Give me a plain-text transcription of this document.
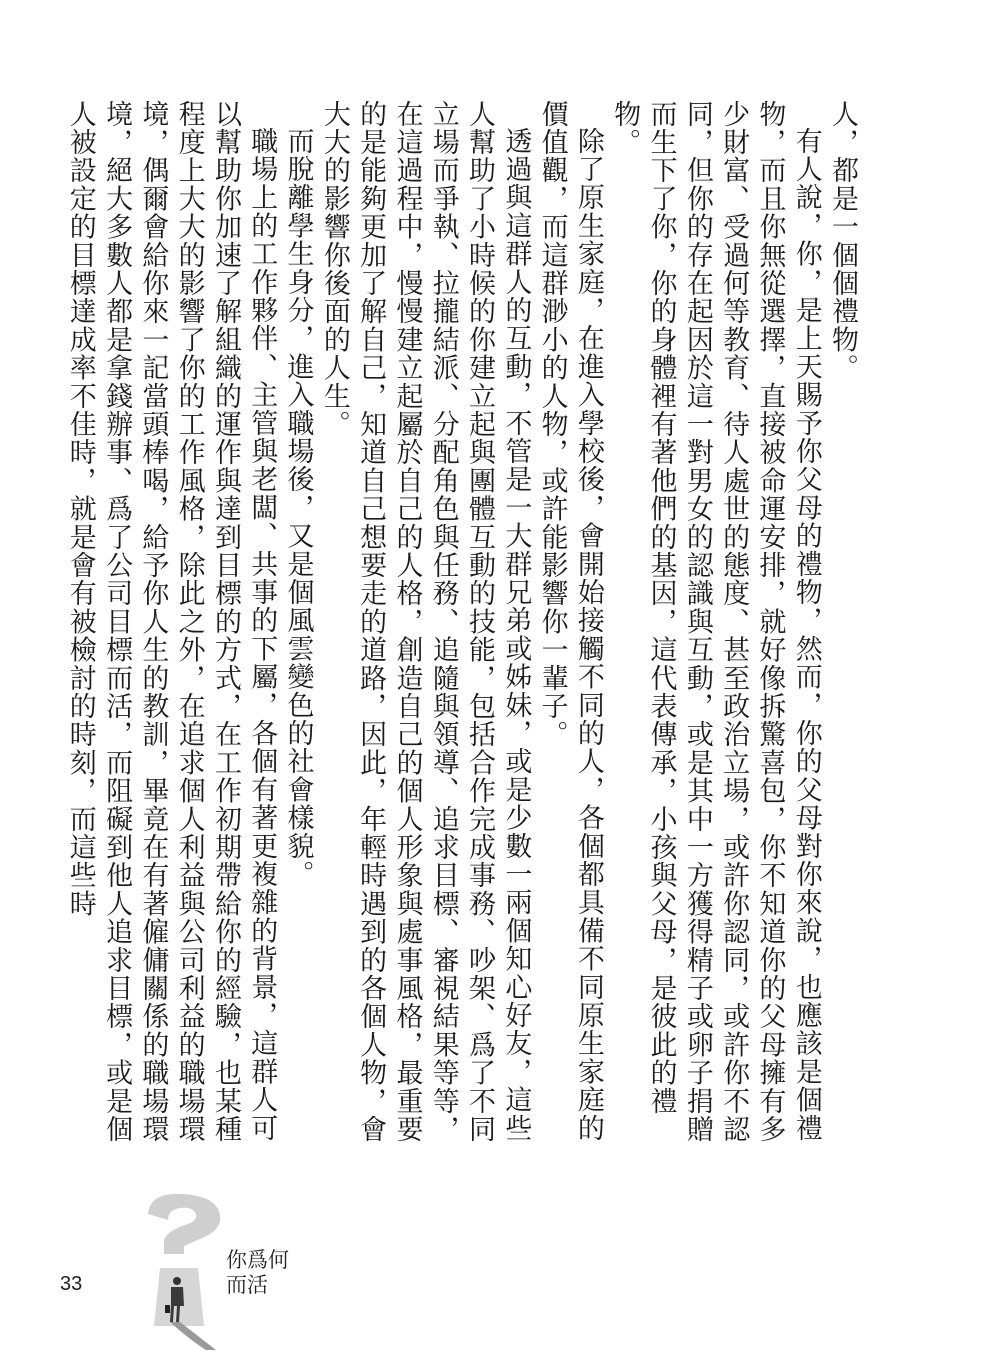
人，都是一個個禮物。

有人說，你，是上天賜予你父母的禮物，然而，你的父母對你來說，也應該是個禮物，而且你無從選擇，直接被命運安排，就好像拆驚喜包，你不知道你的父母擁有多少財富、受過何等教育、待人處世的態度、甚至政治立場，或許你認同，或許你不認同，但你的存在起因於這一對男女的認識與互動，或是其中一方獲得精子或卵子捐贈而生下了你，你的身體裡有著他們的基因，這代表傳承，小孩與父母，是彼此的禮物。

除了原生家庭，在進入學校後，會開始接觸不同的人，各個都具備不同原生家庭的價值觀，而這群渺小的人物，或許能影響你一輩子。

透過與這群人的互動，不管是一大群兄弟或姊妹，或是少數一兩個知心好友，這些人幫助了小時候的你建立起與團體互動的技能，包括合作完成事務、吵架、爲了不同立場而爭執、拉攏結派、分配角色與任務、追隨與領導、追求目標、審視結果等等，在這過程中，慢慢建立起屬於自己的人格，創造自己的個人形象與處事風格，最重要的是能夠更加了解自己，知道自己想要走的道路，因此，年輕時遇到的各個人物，會大大的影響你後面的人生。

而脫離學生身分，進入職場後，又是個風雲變色的社會樣貌。

職場上的工作夥伴、主管與老闆、共事的下屬，各個有著更複雜的背景，這群人可以幫助你加速了解組織的運作與達到目標的方式，在工作初期帶給你的經驗，也某種程度上大大的影響了你的工作風格，除此之外，在追求個人利益與公司利益的職場環境，偶爾會給你來一記當頭棒喝，給予你人生的教訓，畢竟在有著僱傭關係的職場環境，絕大多數人都是拿錢辦事、爲了公司目標而活，而阻礙到他人追求目標，或是個人被設定的目標達成率不佳時，就是會有被檢討的時刻，而這些時

33
你爲何
而活
